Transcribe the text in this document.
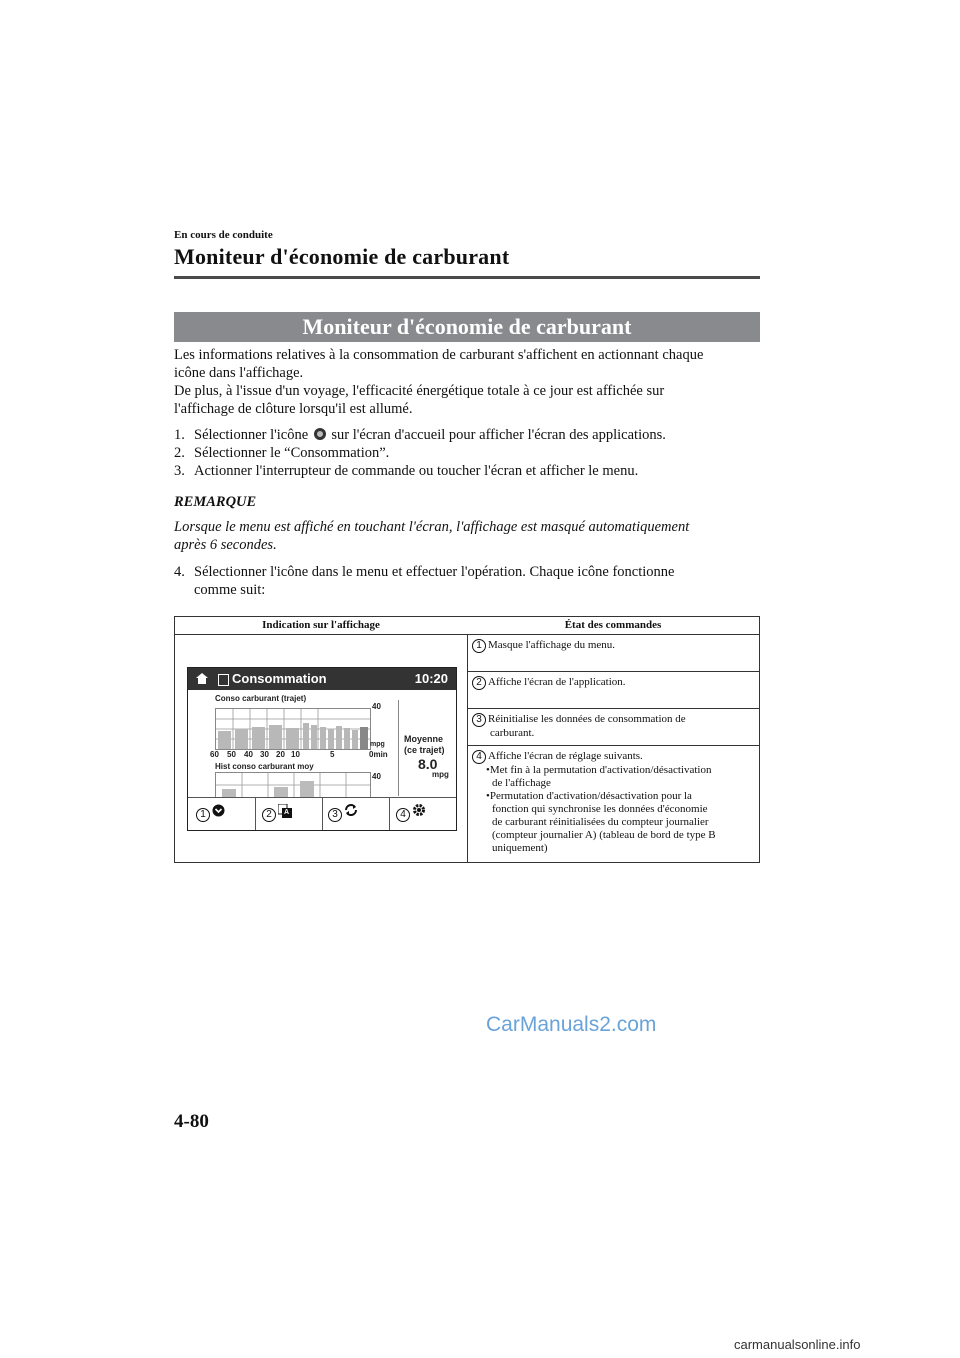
En cours de conduite
Moniteur d'économie de carburant
Moniteur d'économie de carburant
Les informations relatives à la consommation de carburant s'affichent en actionnant chaque
icône dans l'affichage.
De plus, à l'issue d'un voyage, l'efficacité énergétique totale à ce jour est affichée sur
l'affichage de clôture lorsqu'il est allumé.
1. Sélectionner l'icône sur l'écran d'accueil pour afficher l'écran des applications.
2. Sélectionner le “Consommation”.
3. Actionner l'interrupteur de commande ou toucher l'écran et afficher le menu.
REMARQUE
Lorsque le menu est affiché en touchant l'écran, l'affichage est masqué automatiquement
après 6 secondes.
4. Sélectionner l'icône dans le menu et effectuer l'opération. Chaque icône fonctionne
comme suit:
Indication sur l'affichage	État des commandes
Consommation	10:20
Conso carburant (trajet)
40
60 50 40 30 20 10	5	0min
mpg
Hist conso carburant moy
40
Moyenne
(ce trajet)
8.0
mpg
1	2	A	3	4
1 Masque l'affichage du menu.
2 Affiche l'écran de l'application.
3 Réinitialise les données de consommation de
carburant.
4 Affiche l'écran de réglage suivants.
•Met fin à la permutation d'activation/désactivation
de l'affichage
•Permutation d'activation/désactivation pour la
fonction qui synchronise les données d'économie
de carburant réinitialisées du compteur journalier
(compteur journalier A) (tableau de bord de type B
uniquement)
CarManuals2.com
4-80
carmanualsonline.info
